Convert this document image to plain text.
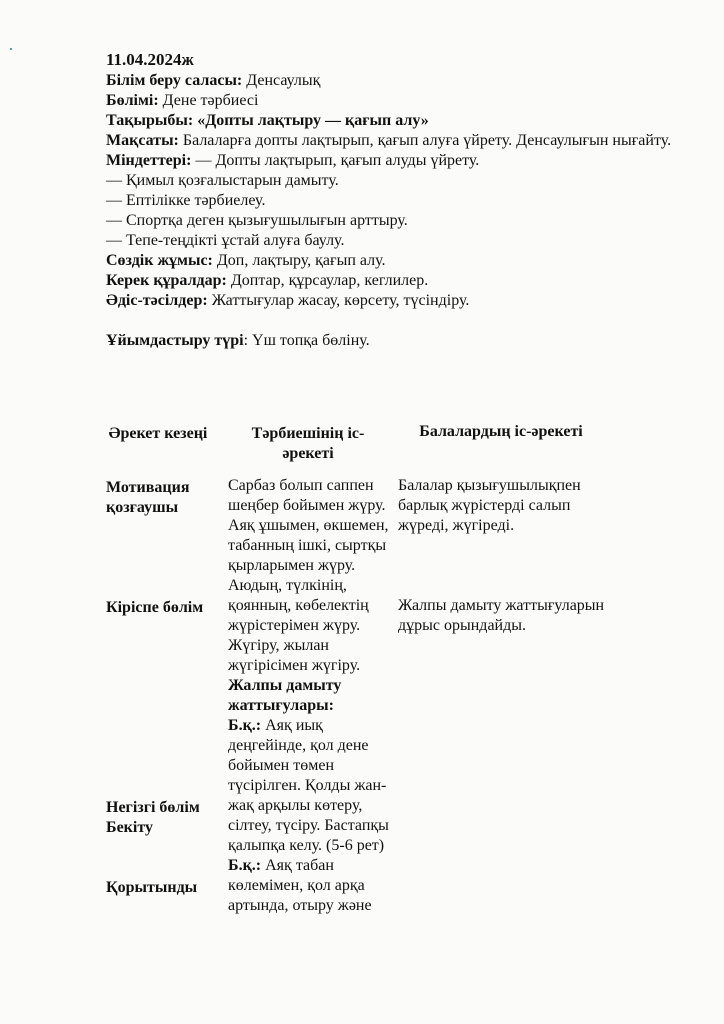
11.04.2024ж
Білім беру саласы: Денсаулық
Бөлімі: Дене тәрбиесі
Тақырыбы: «Допты лақтыру — қағып алу»
Мақсаты: Балаларға допты лақтырып, қағып алуға үйрету. Денсаулығын нығайту.
Міндеттері: — Допты лақтырып, қағып алуды үйрету.
— Қимыл қозғалыстарын дамыту.
— Ептілікке тәрбиелеу.
— Спортқа деген қызығушылығын арттыру.
— Тепе-теңдікті ұстай алуға баулу.
Сөздік жұмыс: Доп, лақтыру, қағып алу.
Керек құралдар: Доптар, құрсаулар, кеглилер.
Әдіс-тәсілдер: Жаттығулар жасау, көрсету, түсіндіру.
Ұйымдастыру түрі: Үш топқа бөліну.
Әрекет кезеңі	Тәрбиешінің іс-әрекеті
Балалардың іс-әрекеті
Мотивация қозғаушы
Кіріспе бөлім
Негізгі бөлім Бекіту
Қорытынды
Сарбаз болып саппен шеңбер бойымен жүру. Аяқ ұшымен, өкшемен, табанның ішкі, сыртқы қырларымен жүру. Аюдың, түлкінің, қоянның, көбелектің жүрістерімен жүру. Жүгіру, жылан жүгірісімен жүгіру.
Жалпы дамыту жаттығулары:
Б.қ.: Аяқ иық деңгейінде, қол дене бойымен төмен түсірілген. Қолды жан-жақ арқылы көтеру, сілтеу, түсіру. Бастапқы қалыпқа келу. (5-6 рет)
Б.қ.: Аяқ табан көлемімен, қол арқа артында, отыру және
Балалар қызығушылықпен барлық жүрістерді салып жүреді, жүгіреді.
Жалпы дамыту жаттығуларын дұрыс орындайды.
